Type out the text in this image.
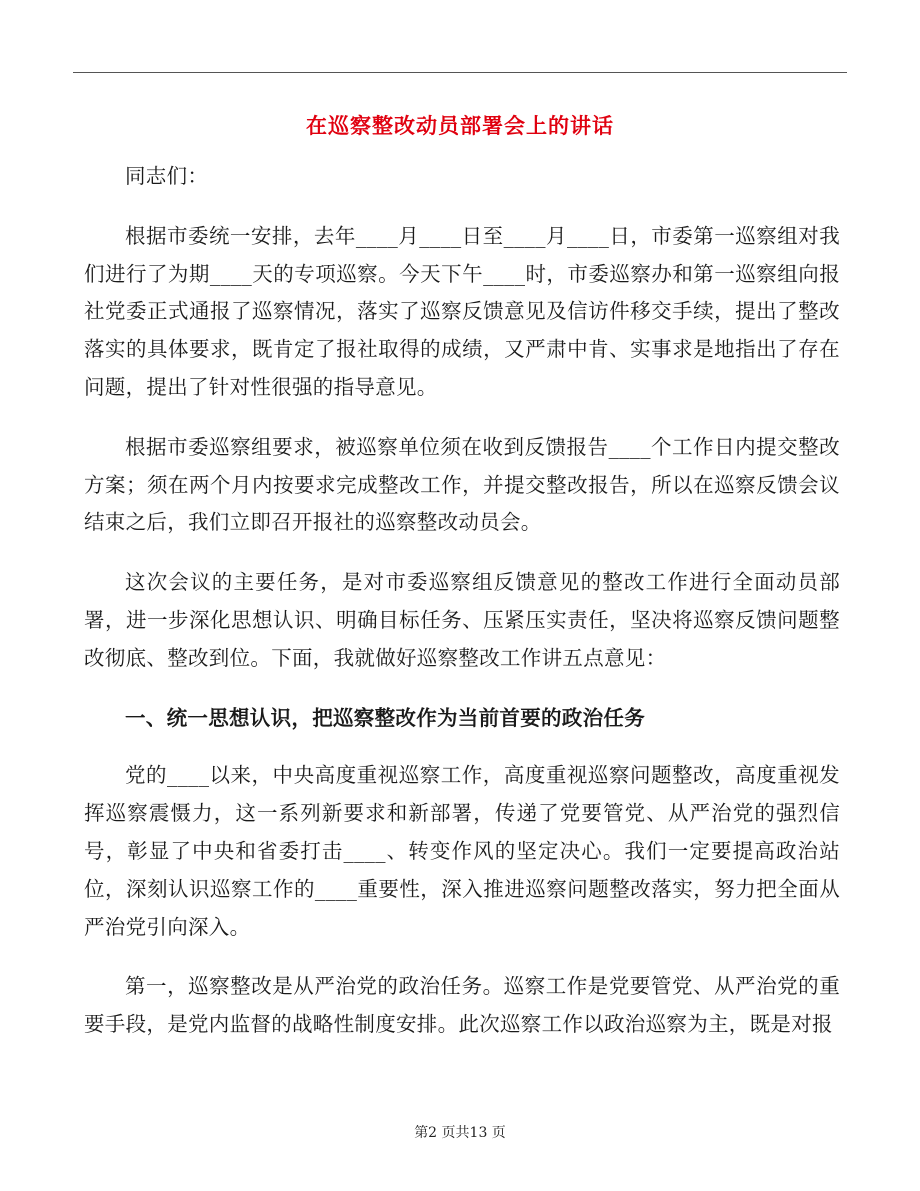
在巡察整改动员部署会上的讲话

同志们：

根据市委统一安排，去年____月____日至____月____日，市委第一巡察组对我们进行了为期____天的专项巡察。今天下午____时，市委巡察办和第一巡察组向报社党委正式通报了巡察情况，落实了巡察反馈意见及信访件移交手续，提出了整改落实的具体要求，既肯定了报社取得的成绩，又严肃中肯、实事求是地指出了存在问题，提出了针对性很强的指导意见。

根据市委巡察组要求，被巡察单位须在收到反馈报告____个工作日内提交整改方案；须在两个月内按要求完成整改工作，并提交整改报告，所以在巡察反馈会议结束之后，我们立即召开报社的巡察整改动员会。

这次会议的主要任务，是对市委巡察组反馈意见的整改工作进行全面动员部署，进一步深化思想认识、明确目标任务、压紧压实责任，坚决将巡察反馈问题整改彻底、整改到位。下面，我就做好巡察整改工作讲五点意见：

一、统一思想认识，把巡察整改作为当前首要的政治任务

党的____以来，中央高度重视巡察工作，高度重视巡察问题整改，高度重视发挥巡察震慑力，这一系列新要求和新部署，传递了党要管党、从严治党的强烈信号，彰显了中央和省委打击____、转变作风的坚定决心。我们一定要提高政治站位，深刻认识巡察工作的____重要性，深入推进巡察问题整改落实，努力把全面从严治党引向深入。

第一，巡察整改是从严治党的政治任务。巡察工作是党要管党、从严治党的重要手段，是党内监督的战略性制度安排。此次巡察工作以政治巡察为主，既是对报

第2 页共13 页
